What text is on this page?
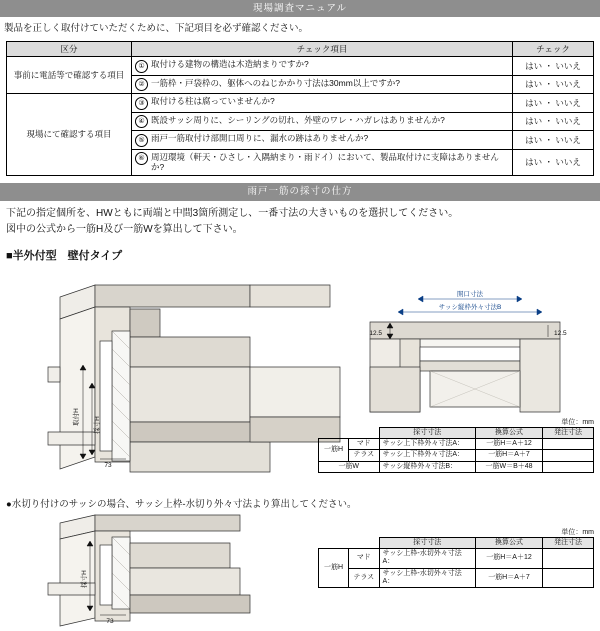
現場調査マニュアル
製品を正しく取付けていただくために、下記項目を必ず確認ください。
区分	チェック項目	チェック
事前に電話等で確認する項目	① 取付ける建物の構造は木造納まりですか?	はい ・ いいえ

	② 一筋枠・戸袋枠の、躯体へのねじかかり寸法は30mm以上ですか?	はい ・ いいえ
現場にて確認する項目	③ 取付ける柱は腐っていませんか?	はい ・ いいえ

	④ 既設サッシ周りに、シーリングの切れ、外壁のワレ・ハガレはありませんか?	はい ・ いいえ

	⑤ 雨戸一筋取付け部開口周りに、漏水の跡はありませんか?	はい ・ いいえ

	⑥ 周辺環境（軒天・ひさし・入隅納まり・雨ドイ）において、製品取付けに支障はありませんか?	はい ・ いいえ
雨戸一筋の採寸の仕方
下記の指定個所を、HWともに両端と中間3箇所測定し、一番寸法の大きいものを選択してください。
図中の公式から一筋H及び一筋Wを算出して下さい。
■半外付型　壁付タイプ
取付H	採寸H
73
開口寸法
サッシ縦枠外々寸法B
12.5	12.5
単位：mm
		採寸寸法	換算公式	発注寸法
一筋H	マド	サッシ上下枠外々寸法A：	一筋H＝A＋12	
	テラス	サッシ上下枠外々寸法A：	一筋H＝A＋7	
一筋W		サッシ縦枠外々寸法B：	一筋W＝B＋48	
●水切り付けのサッシの場合、サッシ上枠-水切り外々寸法より算出してください。
採寸H
73
単位：mm
		採寸寸法	換算公式	発注寸法
一筋H	マド	サッシ上枠-水切外々寸法A：	一筋H＝A＋12	
	テラス	サッシ上枠-水切外々寸法A：	一筋H＝A＋7	
